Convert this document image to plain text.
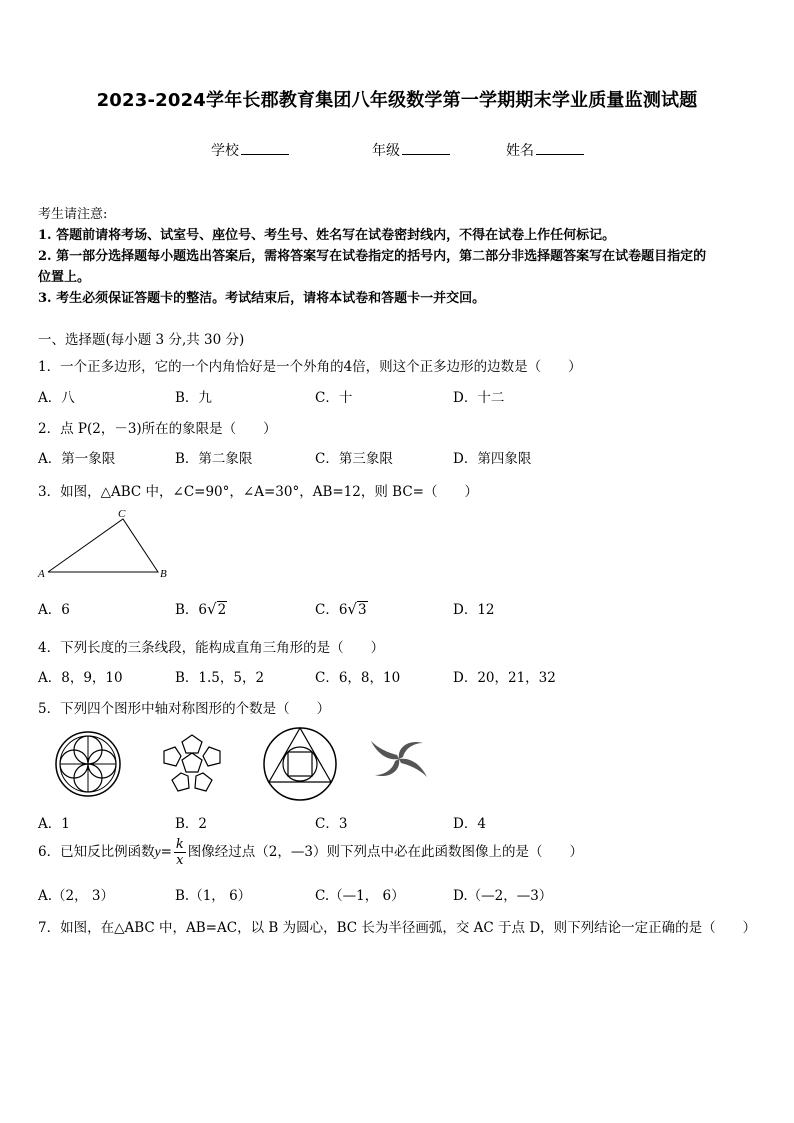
2023-2024学年长郡教育集团八年级数学第一学期期末学业质量监测试题
学校	年级	姓名
考生请注意:
1. 答题前请将考场、试室号、座位号、考生号、姓名写在试卷密封线内，不得在试卷上作任何标记。
2. 第一部分选择题每小题选出答案后，需将答案写在试卷指定的括号内，第二部分非选择题答案写在试卷题目指定的
位置上。
3. 考生必须保证答题卡的整洁。考试结束后，请将本试卷和答题卡一并交回。
一、选择题(每小题 3 分,共 30 分)
1．一个正多边形，它的一个内角恰好是一个外角的4倍，则这个正多边形的边数是（　　）
A．八	B．九	C．十	D．十二
2．点 P(2，－3)所在的象限是（　　）
A．第一象限	B．第二象限	C．第三象限	D．第四象限
3．如图，△ABC 中，∠C=90°，∠A=30°，AB=12，则 BC=（　　）
A	B
C
A．6	B．6√2	C．6√3	D．12
4．下列长度的三条线段，能构成直角三角形的是（　　）
A．8，9，10	B．1.5，5，2	C．6，8，10	D．20，21，32
5．下列四个图形中轴对称图形的个数是（　　）
A．1	B．2	C．3	D．4
6．已知反比例函数$y= \frac{k}{x}$ 图像经过点（2，—3）则下列点中必在此函数图像上的是（　　）
A.（2， 3）	B.（1， 6）	C.（—1， 6）	D.（—2，—3）
7．如图，在△ABC 中，AB=AC，以 B 为圆心，BC 长为半径画弧，交 AC 于点 D，则下列结论一定正确的是（　　）
